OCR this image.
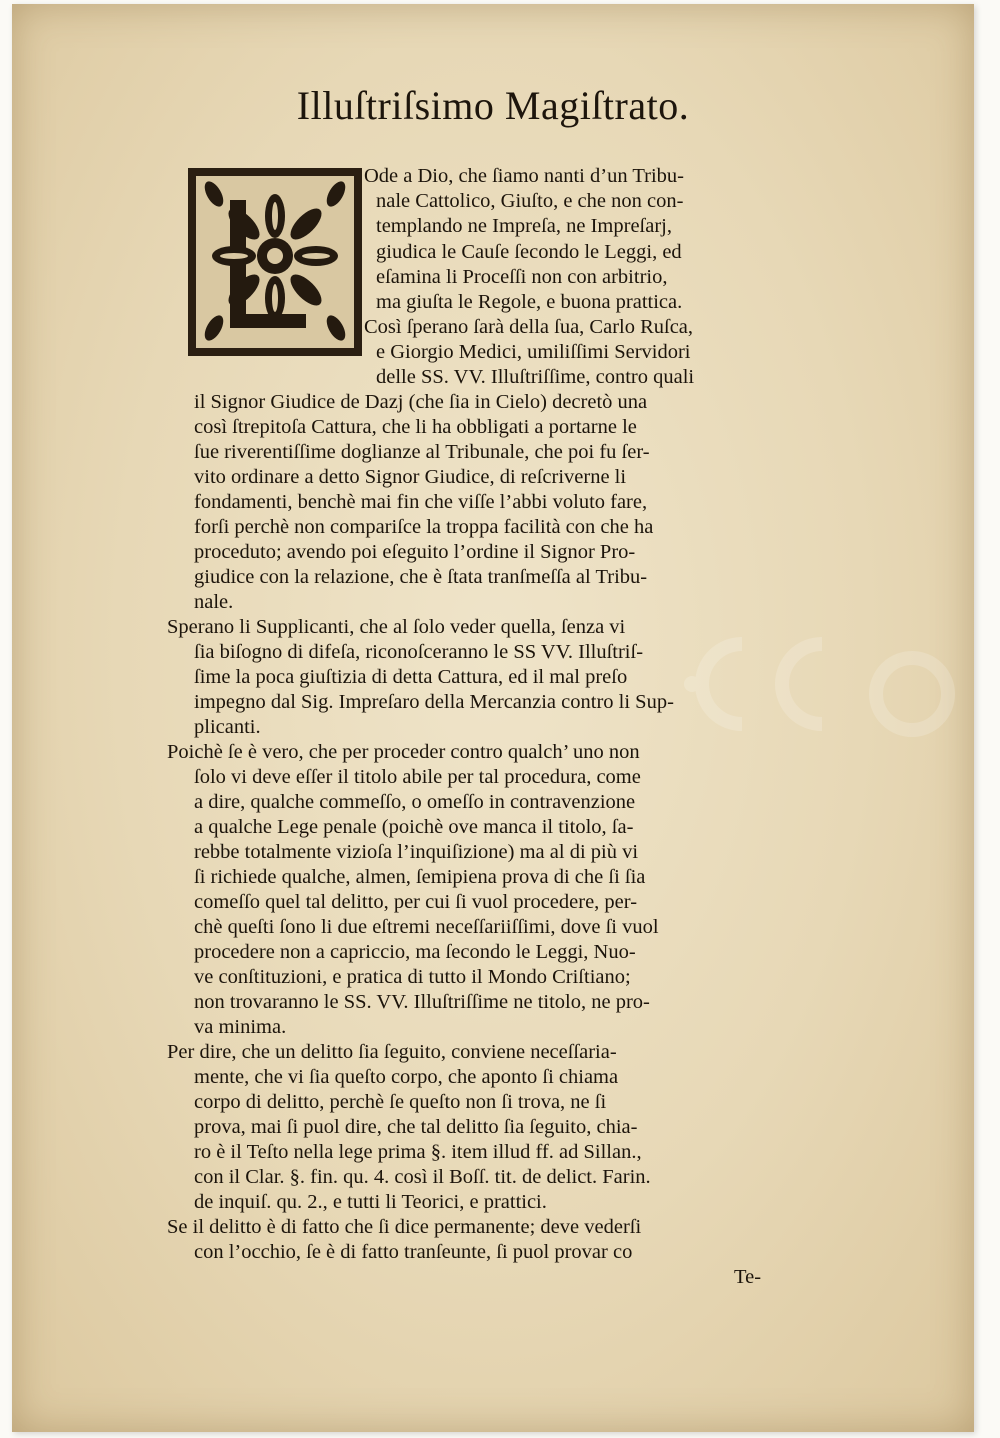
Illuſtriſsimo Magiſtrato.
Ode a Dio, che ſiamo nanti d’un Tribu-
nale Cattolico, Giuſto, e che non con-
templando ne Impreſa, ne Impreſarj,
giudica le Cauſe ſecondo le Leggi, ed
eſamina li Proceſſi non con arbitrio,
ma giuſta le Regole, e buona prattica.
Così ſperano ſarà della ſua, Carlo Ruſca,
e Giorgio Medici, umiliſſimi Servidori
delle SS. VV. Illuſtriſſime, contro quali
il Signor Giudice de Dazj (che ſia in Cielo) decretò una
così ſtrepitoſa Cattura, che li ha obbligati a portarne le
ſue riverentiſſime doglianze al Tribunale, che poi fu ſer-
vito ordinare a detto Signor Giudice, di reſcriverne li
fondamenti, benchè mai fin che viſſe l’abbi voluto fare,
forſi perchè non compariſce la troppa facilità con che ha
proceduto; avendo poi eſeguito l’ordine il Signor Pro-
giudice con la relazione, che è ſtata tranſmeſſa al Tribu-
nale.
Sperano li Supplicanti, che al ſolo veder quella, ſenza vi
ſia biſogno di difeſa, riconoſceranno le SS VV. Illuſtriſ-
ſime la poca giuſtizia di detta Cattura, ed il mal preſo
impegno dal Sig. Impreſaro della Mercanzia contro li Sup-
plicanti.
Poichè ſe è vero, che per proceder contro qualch’ uno non
ſolo vi deve eſſer il titolo abile per tal procedura, come
a dire, qualche commeſſo, o omeſſo in contravenzione
a qualche Lege penale (poichè ove manca il titolo, ſa-
rebbe totalmente vizioſa l’inquiſizione) ma al di più vi
ſi richiede qualche, almen, ſemipiena prova di che ſi ſia
comeſſo quel tal delitto, per cui ſi vuol procedere, per-
chè queſti ſono li due eſtremi neceſſariiſſimi, dove ſi vuol
procedere non a capriccio, ma ſecondo le Leggi, Nuo-
ve conſtituzioni, e pratica di tutto il Mondo Criſtiano;
non trovaranno le SS. VV. Illuſtriſſime ne titolo, ne pro-
va minima.
Per dire, che un delitto ſia ſeguito, conviene neceſſaria-
mente, che vi ſia queſto corpo, che aponto ſi chiama
corpo di delitto, perchè ſe queſto non ſi trova, ne ſi
prova, mai ſi puol dire, che tal delitto ſia ſeguito, chia-
ro è il Teſto nella lege prima §. item illud ff. ad Sillan.,
con il Clar. §. fin. qu. 4. così il Boſſ. tit. de delict. Farin.
de inquiſ. qu. 2., e tutti li Teorici, e prattici.
Se il delitto è di fatto che ſi dice permanente; deve vederſi
con l’occhio, ſe è di fatto tranſeunte, ſi puol provar co
Te-
